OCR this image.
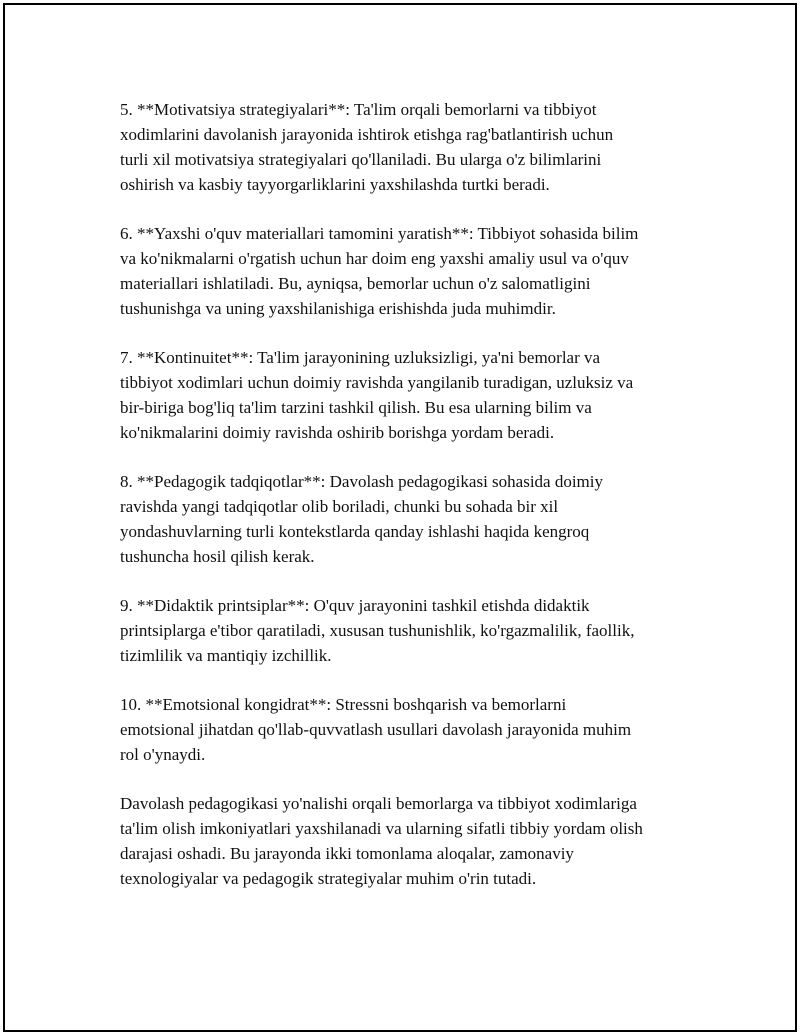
5. **Motivatsiya strategiyalari**: Ta'lim orqali bemorlarni va tibbiyot
xodimlarini davolanish jarayonida ishtirok etishga rag'batlantirish uchun
turli xil motivatsiya strategiyalari qo'llaniladi. Bu ularga o'z bilimlarini
oshirish va kasbiy tayyorgarliklarini yaxshilashda turtki beradi.

6. **Yaxshi o'quv materiallari tamomini yaratish**: Tibbiyot sohasida bilim
va ko'nikmalarni o'rgatish uchun har doim eng yaxshi amaliy usul va o'quv
materiallari ishlatiladi. Bu, ayniqsa, bemorlar uchun o'z salomatligini
tushunishga va uning yaxshilanishiga erishishda juda muhimdir.

7. **Kontinuitet**: Ta'lim jarayonining uzluksizligi, ya'ni bemorlar va
tibbiyot xodimlari uchun doimiy ravishda yangilanib turadigan, uzluksiz va
bir-biriga bog'liq ta'lim tarzini tashkil qilish. Bu esa ularning bilim va
ko'nikmalarini doimiy ravishda oshirib borishga yordam beradi.

8. **Pedagogik tadqiqotlar**: Davolash pedagogikasi sohasida doimiy
ravishda yangi tadqiqotlar olib boriladi, chunki bu sohada bir xil
yondashuvlarning turli kontekstlarda qanday ishlashi haqida kengroq
tushuncha hosil qilish kerak.

9. **Didaktik printsiplar**: O'quv jarayonini tashkil etishda didaktik
printsiplarga e'tibor qaratiladi, xususan tushunishlik, ko'rgazmalilik, faollik,
tizimlilik va mantiqiy izchillik.

10. **Emotsional kongidrat**: Stressni boshqarish va bemorlarni
emotsional jihatdan qo'llab-quvvatlash usullari davolash jarayonida muhim
rol o'ynaydi.

Davolash pedagogikasi yo'nalishi orqali bemorlarga va tibbiyot xodimlariga
ta'lim olish imkoniyatlari yaxshilanadi va ularning sifatli tibbiy yordam olish
darajasi oshadi. Bu jarayonda ikki tomonlama aloqalar, zamonaviy
texnologiyalar va pedagogik strategiyalar muhim o'rin tutadi.
